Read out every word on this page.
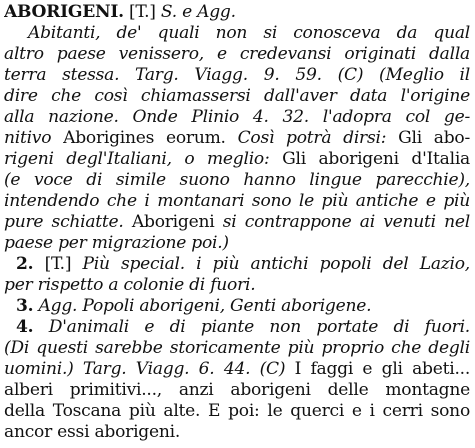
ABORIGENI. [T.] S. e Agg.
Abitanti, de' quali non si conosceva da qual
altro paese venissero, e credevansi originati dalla
terra stessa. Targ. Viagg. 9. 59. (C) (Meglio il
dire che così chiamassersi dall'aver data l'origine
alla nazione. Onde Plinio 4. 32. l'adopra col ge-
nitivo Aborigines eorum. Così potrà dirsi: Gli abo-
rigeni degl'Italiani, o meglio: Gli aborigeni d'Italia
(e voce di simile suono hanno lingue parecchie),
intendendo che i montanari sono le più antiche e più
pure schiatte. Aborigeni si contrappone ai venuti nel
paese per migrazione poi.)
2. [T.] Più special. i più antichi popoli del Lazio,
per rispetto a colonie di fuori.
3. Agg. Popoli aborigeni, Genti aborigene.
4. D'animali e di piante non portate di fuori.
(Di questi sarebbe storicamente più proprio che degli
uomini.) Targ. Viagg. 6. 44. (C) I faggi e gli abeti...
alberi primitivi..., anzi aborigeni delle montagne
della Toscana più alte. E poi: le querci e i cerri sono
ancor essi aborigeni.
